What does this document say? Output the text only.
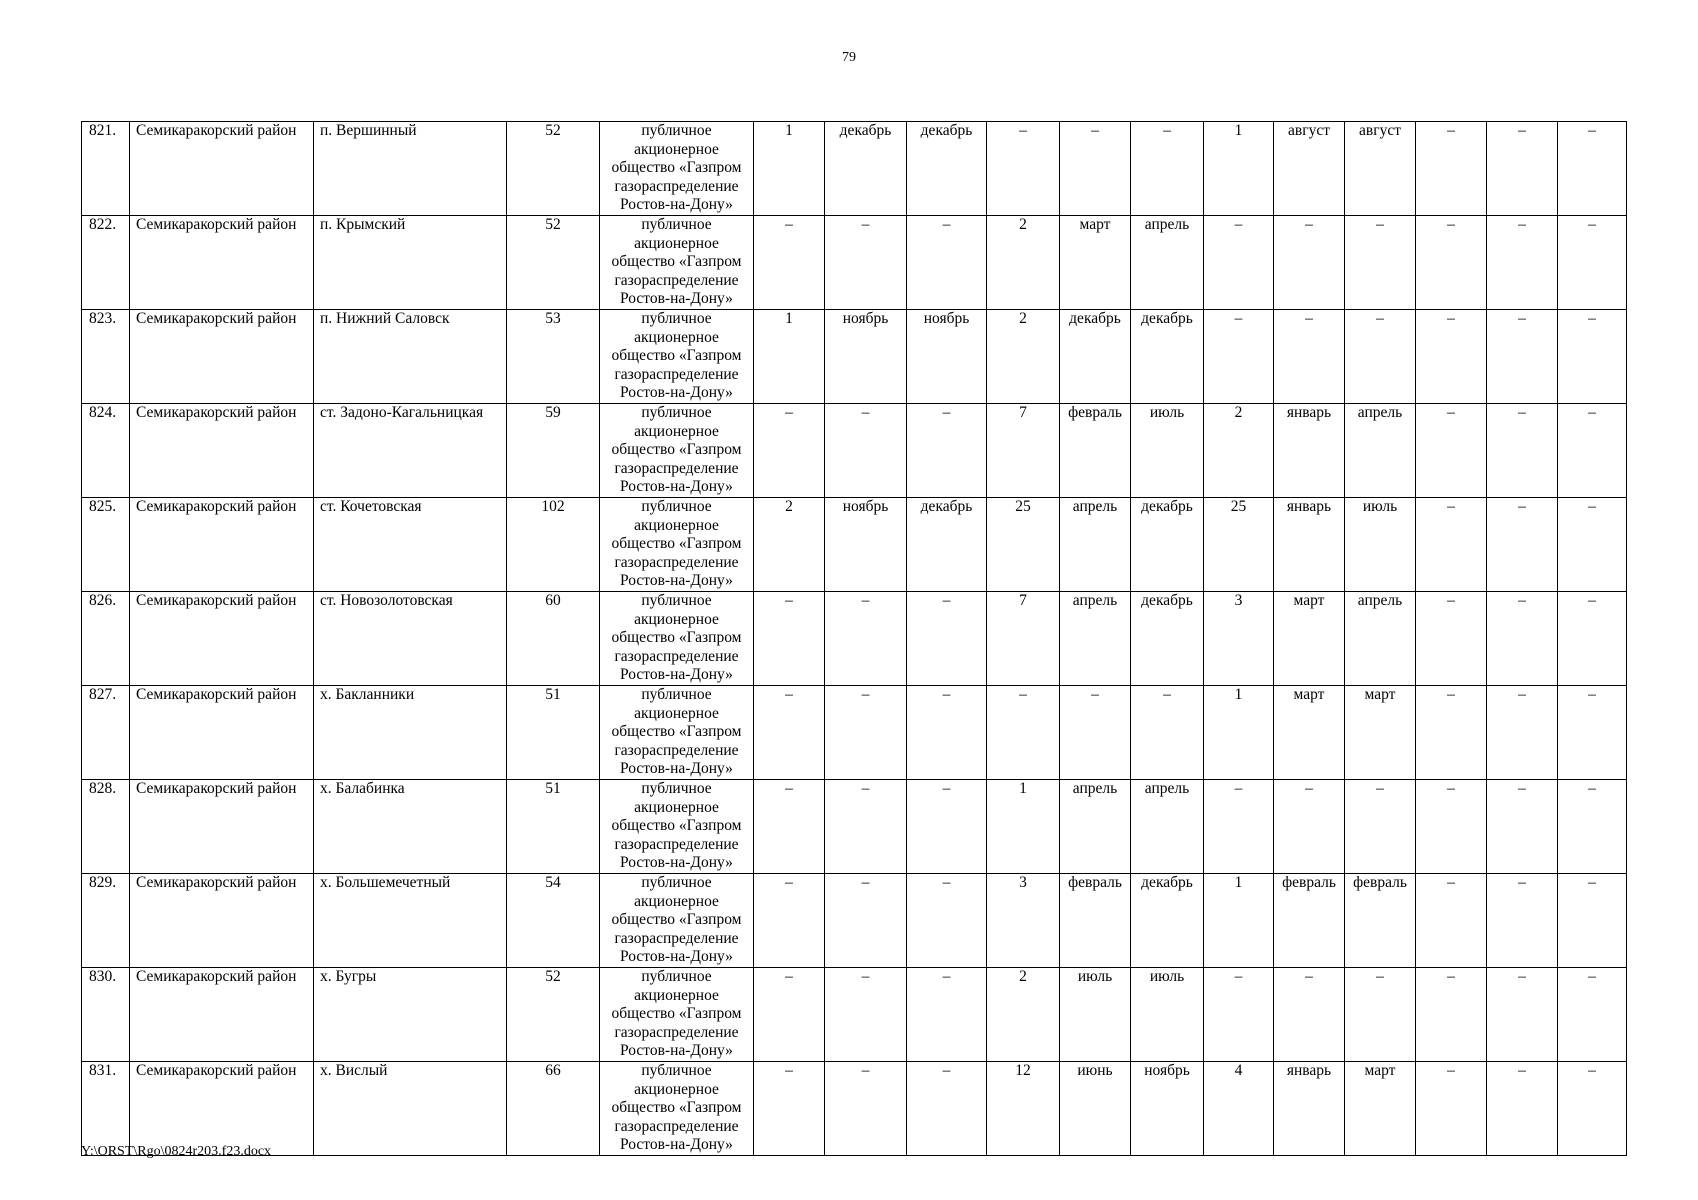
79
821.	Семикаракорский район	п. Вершинный	52	публичное акционерное общество «Газпром газораспределение Ростов-на-Дону»	1	декабрь	декабрь	–	–	–	1	август	август	–	–	–
822.	Семикаракорский район	п. Крымский	52	публичное акционерное общество «Газпром газораспределение Ростов-на-Дону»	–	–	–	2	март	апрель	–	–	–	–	–	–
823.	Семикаракорский район	п. Нижний Саловск	53	публичное акционерное общество «Газпром газораспределение Ростов-на-Дону»	1	ноябрь	ноябрь	2	декабрь	декабрь	–	–	–	–	–	–
824.	Семикаракорский район	ст. Задоно-Кагальницкая	59	публичное акционерное общество «Газпром газораспределение Ростов-на-Дону»	–	–	–	7	февраль	июль	2	январь	апрель	–	–	–
825.	Семикаракорский район	ст. Кочетовская	102	публичное акционерное общество «Газпром газораспределение Ростов-на-Дону»	2	ноябрь	декабрь	25	апрель	декабрь	25	январь	июль	–	–	–
826.	Семикаракорский район	ст. Новозолотовская	60	публичное акционерное общество «Газпром газораспределение Ростов-на-Дону»	–	–	–	7	апрель	декабрь	3	март	апрель	–	–	–
827.	Семикаракорский район	х. Бакланники	51	публичное акционерное общество «Газпром газораспределение Ростов-на-Дону»	–	–	–	–	–	–	1	март	март	–	–	–
828.	Семикаракорский район	х. Балабинка	51	публичное акционерное общество «Газпром газораспределение Ростов-на-Дону»	–	–	–	1	апрель	апрель	–	–	–	–	–	–
829.	Семикаракорский район	х. Большемечетный	54	публичное акционерное общество «Газпром газораспределение Ростов-на-Дону»	–	–	–	3	февраль	декабрь	1	февраль	февраль	–	–	–
830.	Семикаракорский район	х. Бугры	52	публичное акционерное общество «Газпром газораспределение Ростов-на-Дону»	–	–	–	2	июль	июль	–	–	–	–	–	–
831.	Семикаракорский район	х. Вислый	66	публичное акционерное общество «Газпром газораспределение Ростов-на-Дону»	–	–	–	12	июнь	ноябрь	4	январь	март	–	–	–
Y:\ORST\Rgo\0824r203.f23.docx
